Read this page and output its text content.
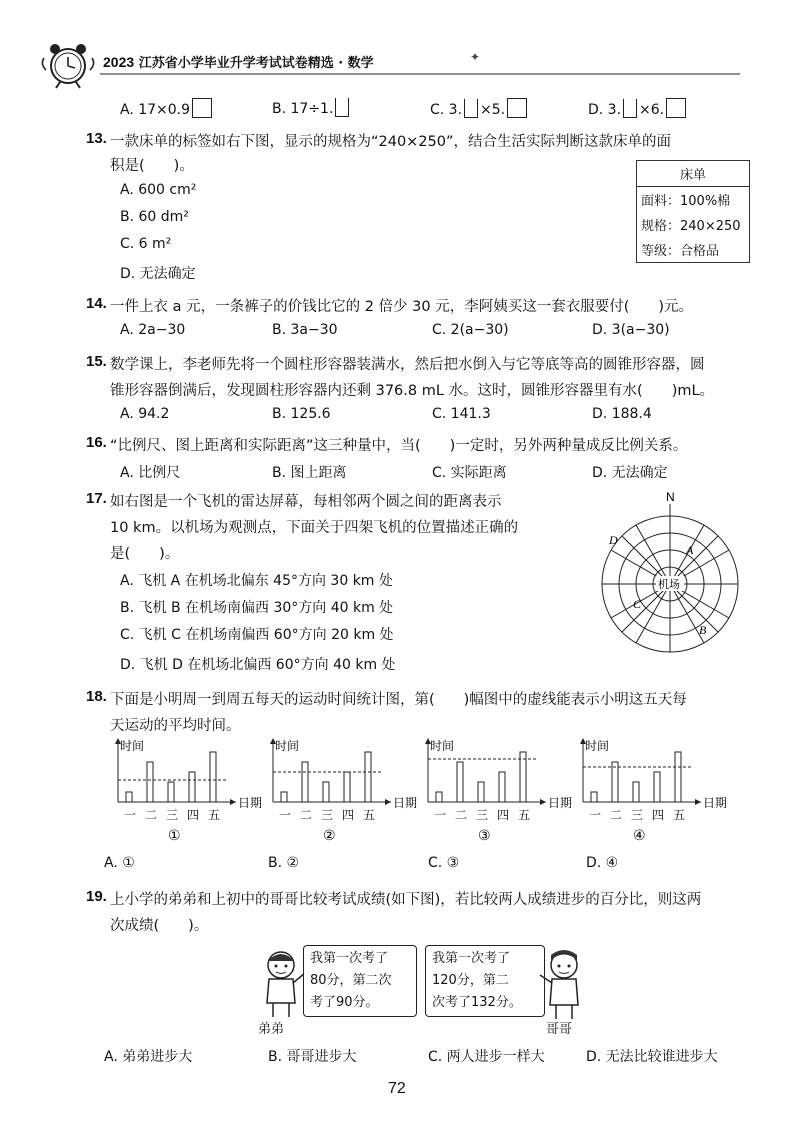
2023 江苏省小学毕业升学考试试卷精选 · 数学	✦
A. 17×0.9	B. 17÷1.	C. 3. ×5.	D. 3. ×6.
13. 一款床单的标签如右下图，显示的规格为“240×250”，结合生活实际判断这款床单的面
积是(　　)。
A. 600 cm²
B. 60 dm²
C. 6 m²
D. 无法确定
床单
面料：100%棉
规格：240×250
等级：合格品
14. 一件上衣 a 元，一条裤子的价钱比它的 2 倍少 30 元，李阿姨买这一套衣服要付(　　)元。
A. 2a−30	B. 3a−30	C. 2(a−30)	D. 3(a−30)
15. 数学课上，李老师先将一个圆柱形容器装满水，然后把水倒入与它等底等高的圆锥形容器，圆
锥形容器倒满后，发现圆柱形容器内还剩 376.8 mL 水。这时，圆锥形容器里有水(　　)mL。
A. 94.2	B. 125.6	C. 141.3	D. 188.4
16. “比例尺、图上距离和实际距离”这三种量中，当(　　)一定时，另外两种量成反比例关系。
A. 比例尺	B. 图上距离	C. 实际距离	D. 无法确定
17. 如右图是一个飞机的雷达屏幕，每相邻两个圆之间的距离表示
10 km。以机场为观测点，下面关于四架飞机的位置描述正确的
是(　　)。
A. 飞机 A 在机场北偏东 45°方向 30 km 处
B. 飞机 B 在机场南偏西 30°方向 40 km 处
C. 飞机 C 在机场南偏西 60°方向 20 km 处
D. 飞机 D 在机场北偏西 60°方向 40 km 处
N
机场
A
B
C
D
18. 下面是小明周一到周五每天的运动时间统计图，第(　　)幅图中的虚线能表示小明这五天每
天运动的平均时间。
时间
日期
一 二 三 四 五
①
时间
日期
一 二 三 四 五
②
时间
日期
一 二 三 四 五
③
时间
日期
一 二 三 四 五
④
A. ①	B. ②	C. ③	D. ④
19. 上小学的弟弟和上初中的哥哥比较考试成绩(如下图)，若比较两人成绩进步的百分比，则这两
次成绩(　　)。
弟弟
我第一次考了
80分，第二次
考了90分。
我第一次考了
120分，第二
次考了132分。
哥哥
A. 弟弟进步大	B. 哥哥进步大	C. 两人进步一样大	D. 无法比较谁进步大
72
